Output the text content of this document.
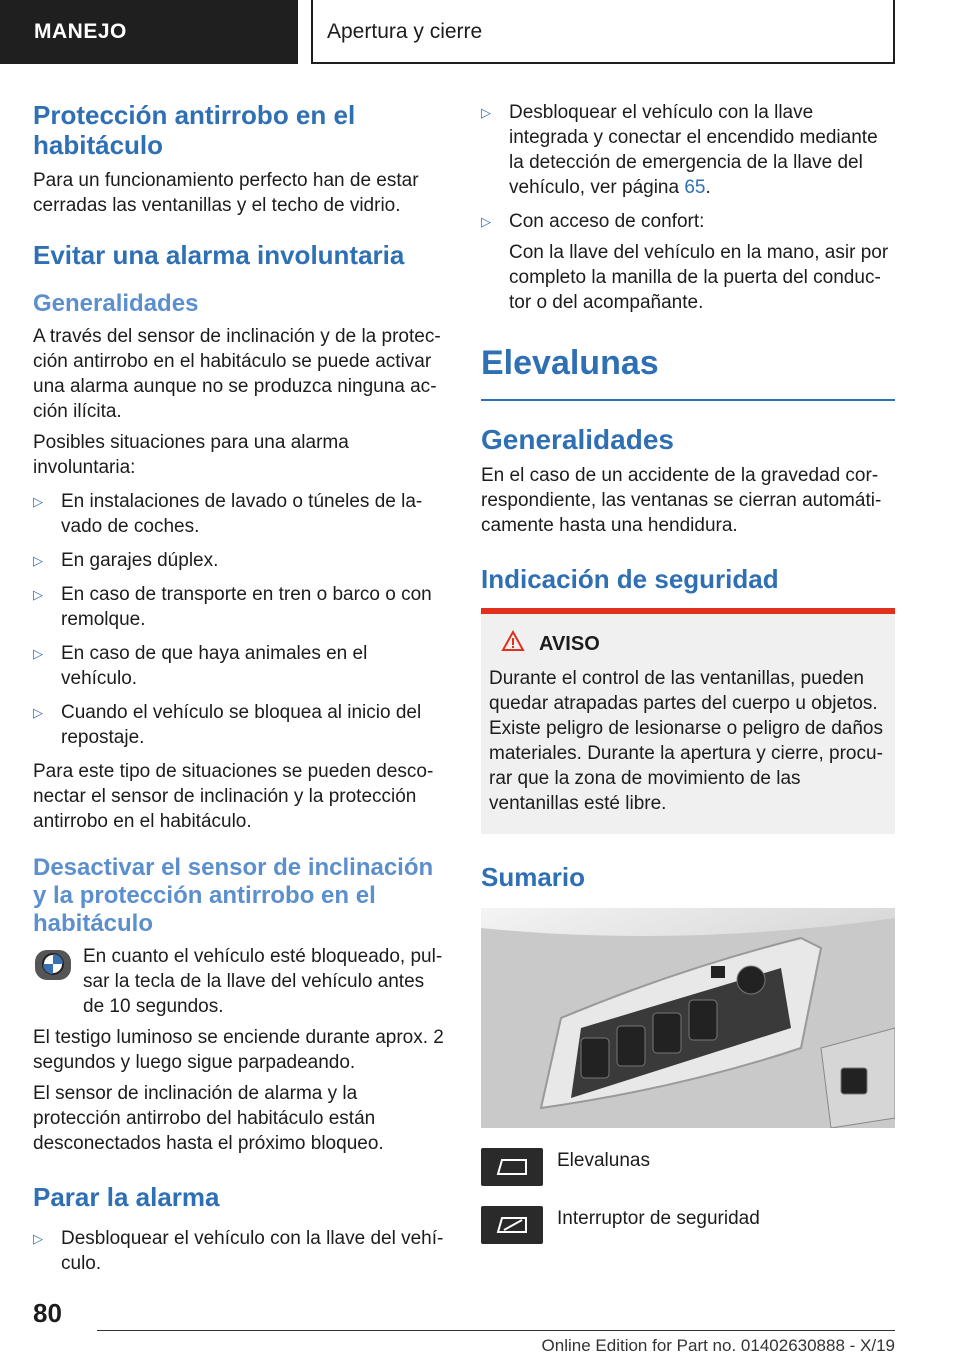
MANEJO	Apertura y cierre
Protección antirrobo en el habitáculo

Para un funcionamiento perfecto han de estar cerradas las ventanillas y el techo de vidrio.

Evitar una alarma involuntaria
Generalidades

A través del sensor de inclinación y de la protección antirrobo en el habitáculo se puede activar una alarma aunque no se produzca ninguna acción ilícita.

Posibles situaciones para una alarma involuntaria:

▷ En instalaciones de lavado o túneles de lavado de coches.
▷ En garajes dúplex.
▷ En caso de transporte en tren o barco o con remolque.
▷ En caso de que haya animales en el vehículo.
▷ Cuando el vehículo se bloquea al inicio del repostaje.

Para este tipo de situaciones se pueden desconectar el sensor de inclinación y la protección antirrobo en el habitáculo.

Desactivar el sensor de inclinación y la protección antirrobo en el habitáculo

En cuanto el vehículo esté bloqueado, pulsar la tecla de la llave del vehículo antes de 10 segundos.

El testigo luminoso se enciende durante aprox. 2 segundos y luego sigue parpadeando.

El sensor de inclinación de alarma y la protección antirrobo del habitáculo están desconectados hasta el próximo bloqueo.

Parar la alarma
▷ Desbloquear el vehículo con la llave del vehículo.
▷ Desbloquear el vehículo con la llave integrada y conectar el encendido mediante la detección de emergencia de la llave del vehículo, ver página 65.
▷ Con acceso de confort:

Con la llave del vehículo en la mano, asir por completo la manilla de la puerta del conductor o del acompañante.

Elevalunas
Generalidades

En el caso de un accidente de la gravedad correspondiente, las ventanas se cierran automáticamente hasta una hendidura.

Indicación de seguridad
AVISO

Durante el control de las ventanillas, pueden quedar atrapadas partes del cuerpo u objetos. Existe peligro de lesionarse o peligro de daños materiales. Durante la apertura y cierre, procurar que la zona de movimiento de las ventanillas esté libre.

Sumario
Elevalunas
Interruptor de seguridad
80
Online Edition for Part no. 01402630888 - X/19
